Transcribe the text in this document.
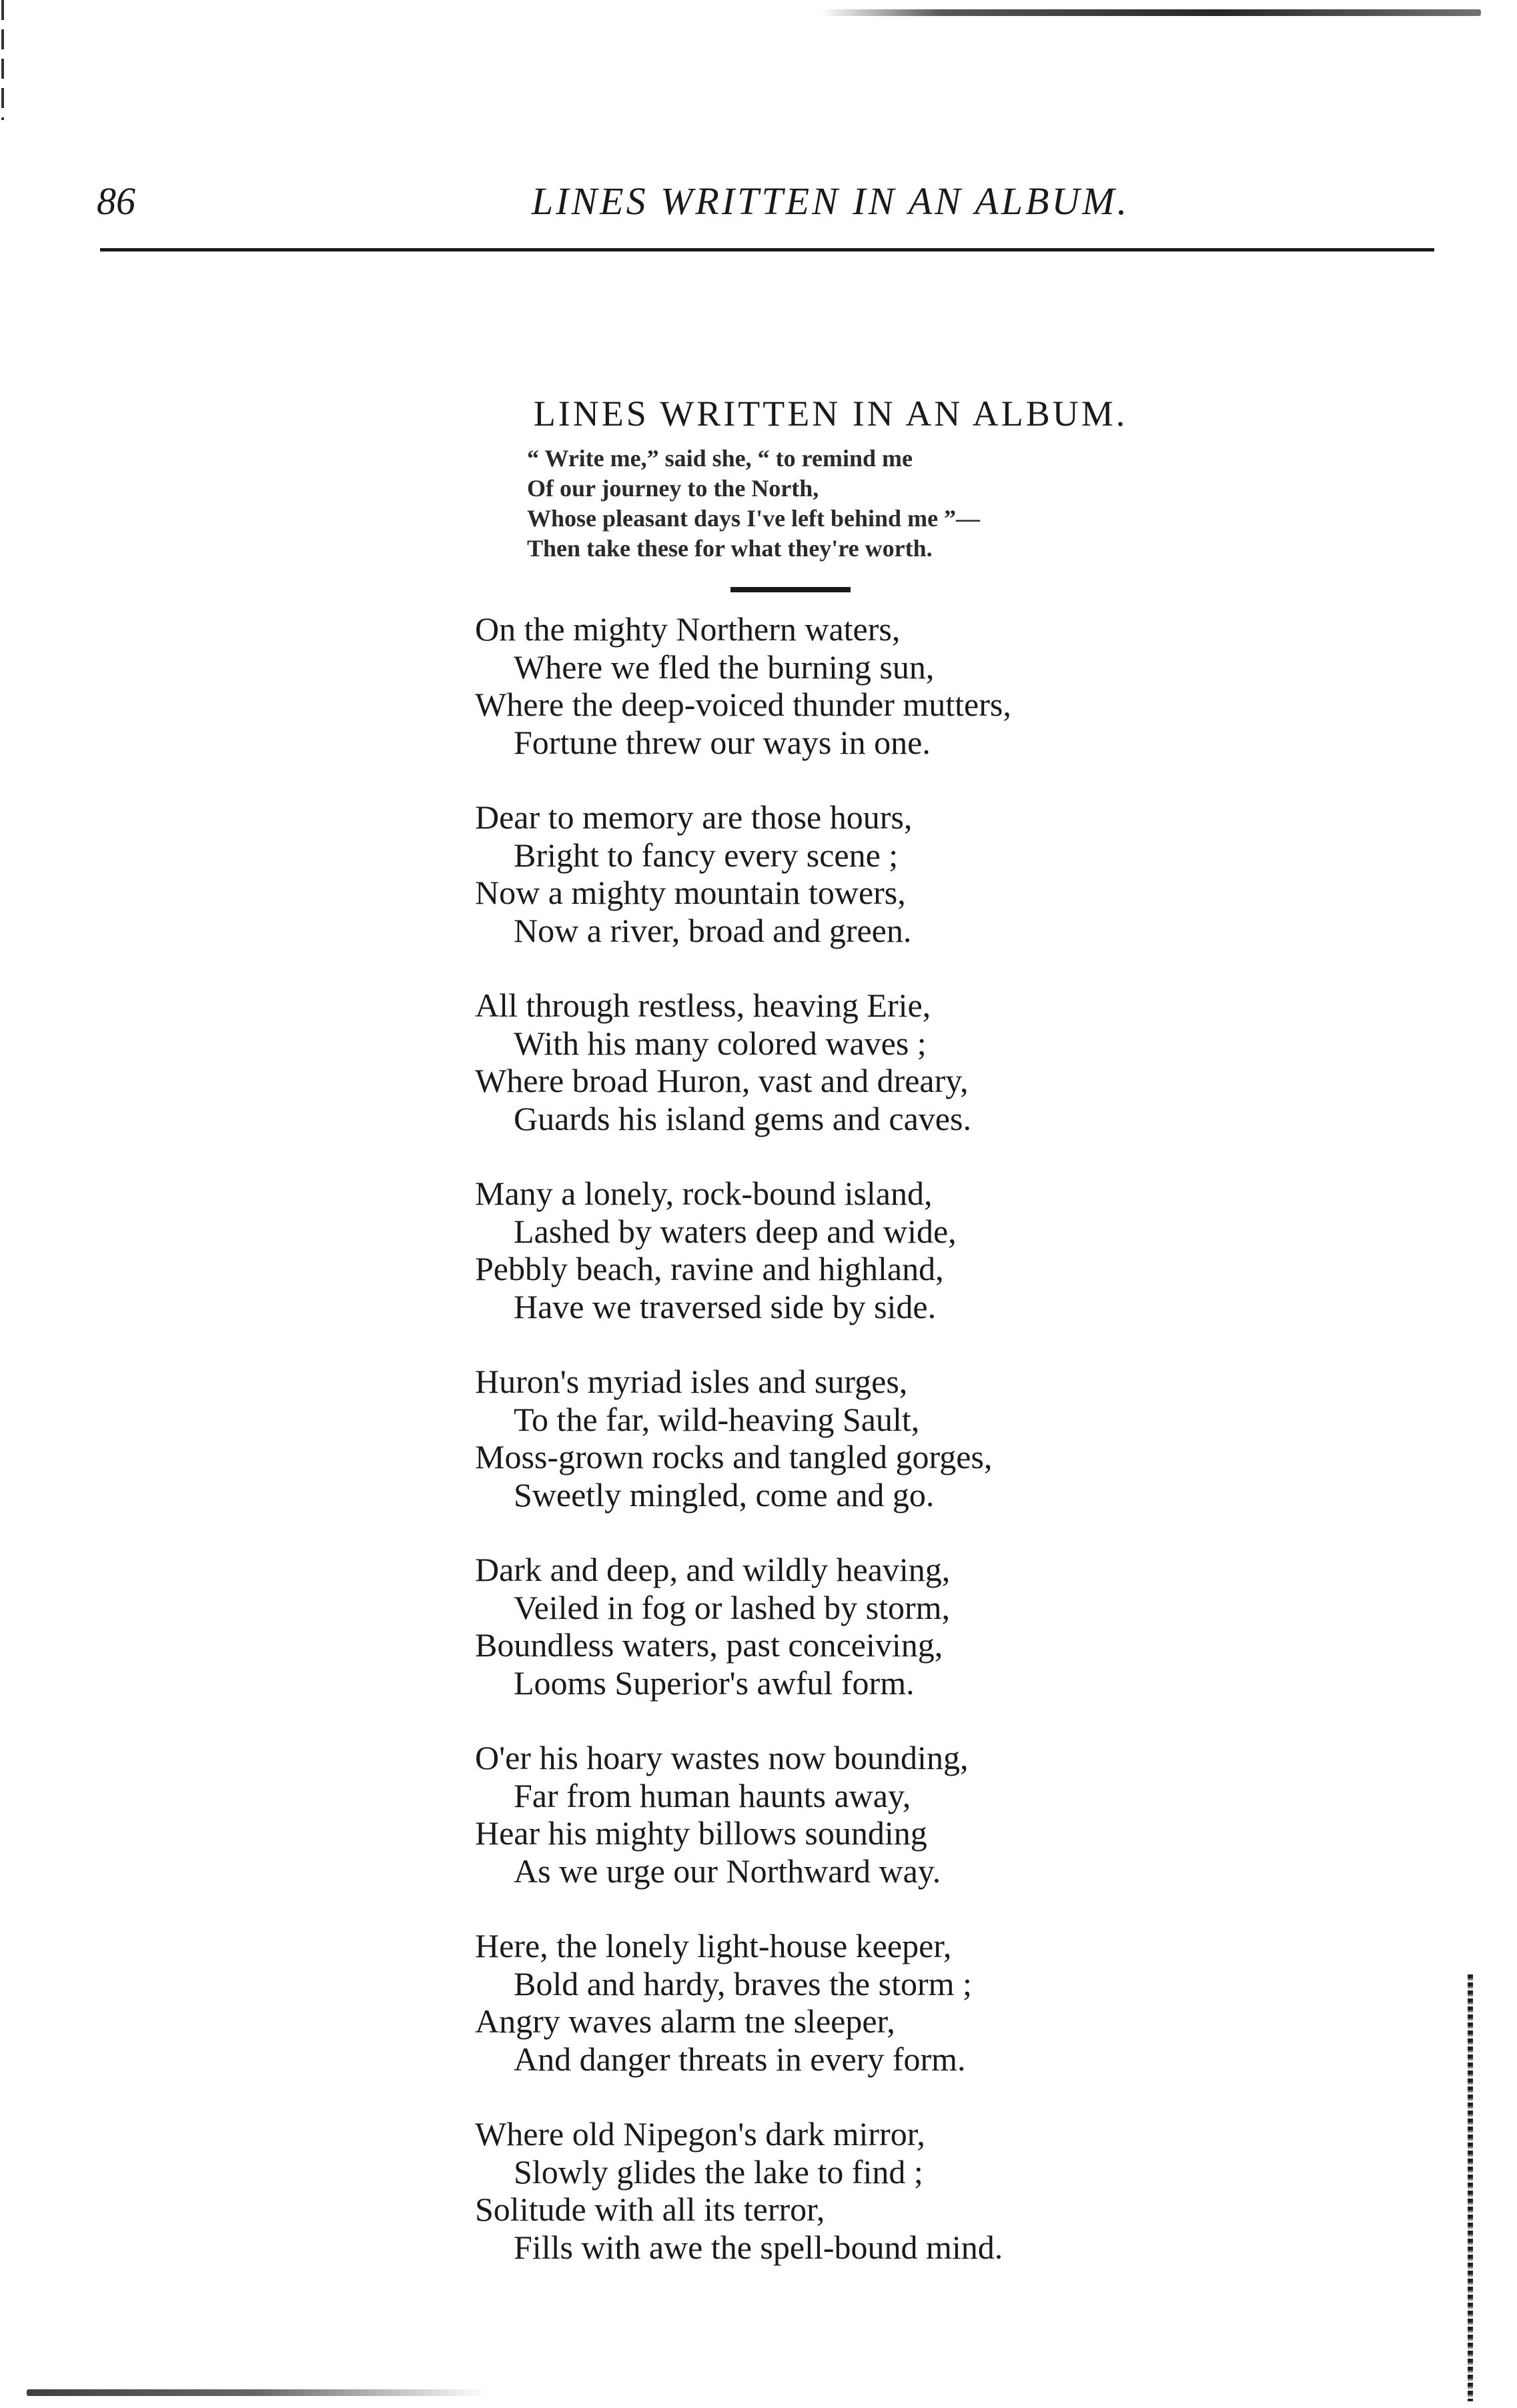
86	LINES WRITTEN IN AN ALBUM.
LINES WRITTEN IN AN ALBUM.
“ Write me,” said she, “ to remind me
Of our journey to the North,
Whose pleasant days I've left behind me ”—
Then take these for what they're worth.
On the mighty Northern waters,
Where we fled the burning sun,
Where the deep-voiced thunder mutters,
Fortune threw our ways in one.
Dear to memory are those hours,
Bright to fancy every scene ;
Now a mighty mountain towers,
Now a river, broad and green.
All through restless, heaving Erie,
With his many colored waves ;
Where broad Huron, vast and dreary,
Guards his island gems and caves.
Many a lonely, rock-bound island,
Lashed by waters deep and wide,
Pebbly beach, ravine and highland,
Have we traversed side by side.
Huron's myriad isles and surges,
To the far, wild-heaving Sault,
Moss-grown rocks and tangled gorges,
Sweetly mingled, come and go.
Dark and deep, and wildly heaving,
Veiled in fog or lashed by storm,
Boundless waters, past conceiving,
Looms Superior's awful form.
O'er his hoary wastes now bounding,
Far from human haunts away,
Hear his mighty billows sounding
As we urge our Northward way.
Here, the lonely light-house keeper,
Bold and hardy, braves the storm ;
Angry waves alarm tne sleeper,
And danger threats in every form.
Where old Nipegon's dark mirror,
Slowly glides the lake to find ;
Solitude with all its terror,
Fills with awe the spell-bound mind.
